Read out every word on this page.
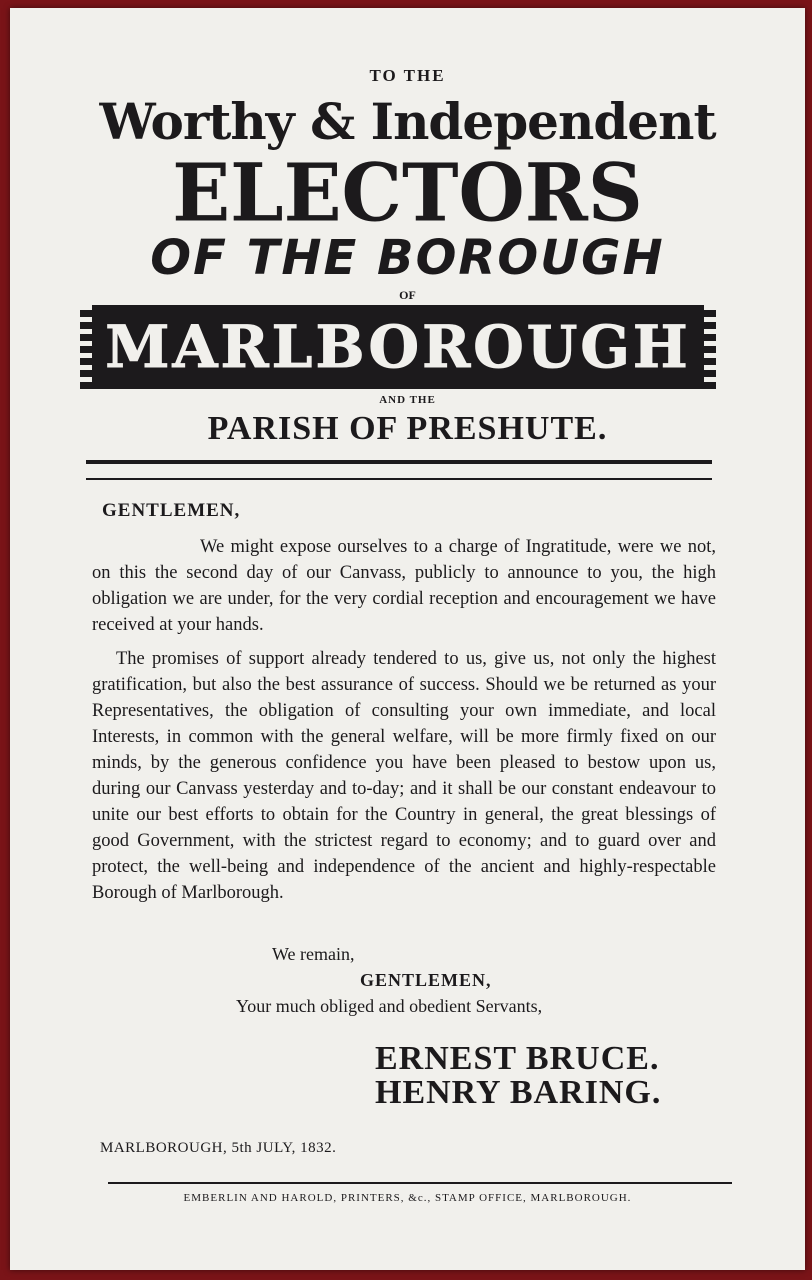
TO THE
Worthy & Independent
ELECTORS
OF THE BOROUGH
OF
MARLBOROUGH
AND THE
PARISH OF PRESHUTE.
GENTLEMEN,
We might expose ourselves to a charge of Ingratitude, were we not, on this the second day of our Canvass, publicly to announce to you, the high obligation we are under, for the very cordial reception and encouragement we have received at your hands.
The promises of support already tendered to us, give us, not only the highest gratification, but also the best assurance of success. Should we be returned as your Representatives, the obligation of consulting your own immediate, and local Interests, in common with the general welfare, will be more firmly fixed on our minds, by the generous confidence you have been pleased to bestow upon us, during our Canvass yesterday and to-day; and it shall be our constant endeavour to unite our best efforts to obtain for the Country in general, the great blessings of good Government, with the strictest regard to economy; and to guard over and protect, the well-being and independence of the ancient and highly-respectable Borough of Marlborough.
We remain,
GENTLEMEN,
Your much obliged and obedient Servants,
ERNEST BRUCE.
HENRY BARING.
MARLBOROUGH, 5th JULY, 1832.
EMBERLIN AND HAROLD, PRINTERS, &c., STAMP OFFICE, MARLBOROUGH.
